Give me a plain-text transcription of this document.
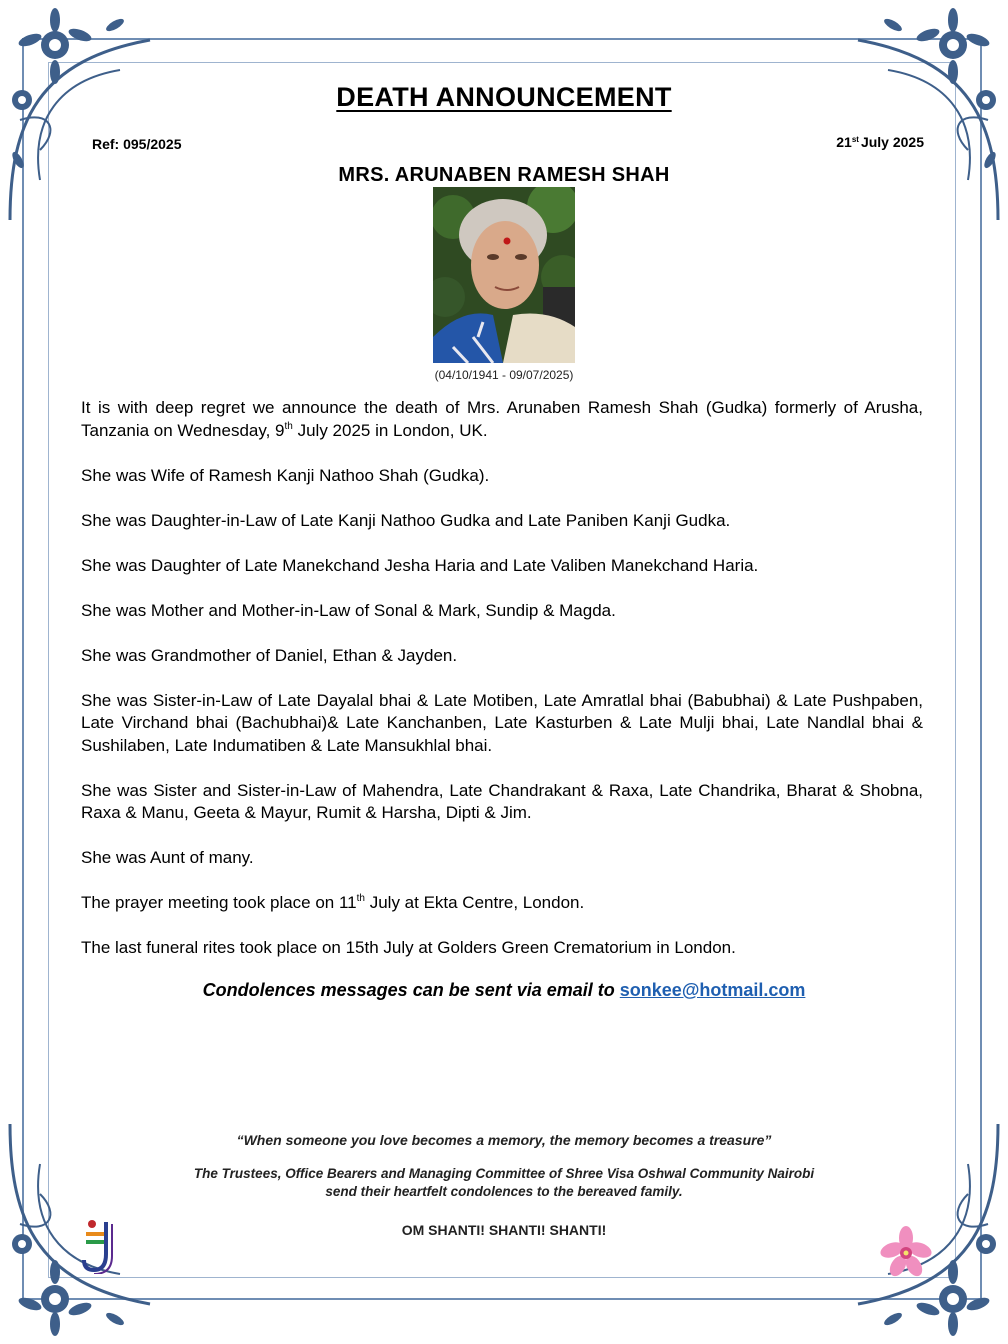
DEATH ANNOUNCEMENT
Ref: 095/2025	21st July 2025
MRS. ARUNABEN RAMESH SHAH
(04/10/1941 - 09/07/2025)

It is with deep regret we announce the death of Mrs. Arunaben Ramesh Shah (Gudka) formerly of Arusha, Tanzania on Wednesday, 9th July 2025 in London, UK.

She was Wife of Ramesh Kanji Nathoo Shah (Gudka).

She was Daughter-in-Law of Late Kanji Nathoo Gudka and Late Paniben Kanji Gudka.

She was Daughter of Late Manekchand Jesha Haria and Late Valiben Manekchand Haria.

She was Mother and Mother-in-Law of Sonal & Mark, Sundip & Magda.

She was Grandmother of Daniel, Ethan & Jayden.

She was Sister-in-Law of Late Dayalal bhai & Late Motiben, Late Amratlal bhai (Babubhai) & Late Pushpaben, Late Virchand bhai (Bachubhai)& Late Kanchanben, Late Kasturben & Late Mulji bhai, Late Nandlal bhai & Sushilaben, Late Indumatiben & Late Mansukhlal bhai.

She was Sister and Sister-in-Law of Mahendra, Late Chandrakant & Raxa, Late Chandrika, Bharat & Shobna, Raxa & Manu, Geeta & Mayur, Rumit & Harsha, Dipti & Jim.

She was Aunt of many.

The prayer meeting took place on 11th July at Ekta Centre, London.

The last funeral rites took place on 15th July at Golders Green Crematorium in London.

Condolences messages can be sent via email to sonkee@hotmail.com
“When someone you love becomes a memory, the memory becomes a treasure”
The Trustees, Office Bearers and Managing Committee of Shree Visa Oshwal Community Nairobi
send their heartfelt condolences to the bereaved family.
OM SHANTI! SHANTI! SHANTI!
